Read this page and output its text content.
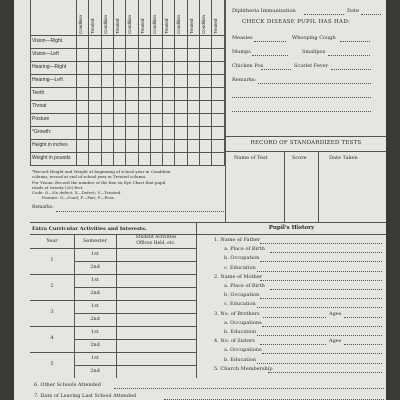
Condition	Treated	Condition	Treated	Condition	Treated	Condition	Treated	Condition	Treated	Condition	Treated
Vision—Right
Vision—Left
Hearing—Right
Hearing—Left
Teeth
Throat
Posture
*Growth:
Height in inches
Weight in pounds
*Record Height and Weight at beginning of school year in Condition
column; record at end of school year in Treated column.
For Vision: Record the number of the line on Eye Chart that pupil
reads at twenty (20) feet.
Code: O—No defect; X—Defect; V—Treated.
Posture: G—Good; F—Fair; P—Poor.
Remarks:
Diphtheria Immunization	Date
CHECK DISEASE PUPIL HAS HAD:
Measles	Whooping Cough
Mumps	Smallpox
Chicken Pox	Scarlet Fever
Remarks:
RECORD OF STANDARDIZED TESTS
Name of Test	Score	Date Taken
Extra Curricular Activities and Interests.
Year	Semester
Student Activities
Offices Held, etc.
1
1st
2nd
2
1st
2nd
3
1st
2nd
4
1st
2nd
5
1st
2nd
Pupil's History
1. Name of Father
a. Place of Birth
b. Occupation
c. Education
2. Name of Mother
a. Place of Birth
b. Occupation
c. Education
3. No. of Brothers	Ages
a. Occupations
b. Education
4. No. of Sisters	Ages
a. Occupations
b. Education
5. Church Membership
6. Other Schools Attended
7. Date of Leaving Last School Attended
